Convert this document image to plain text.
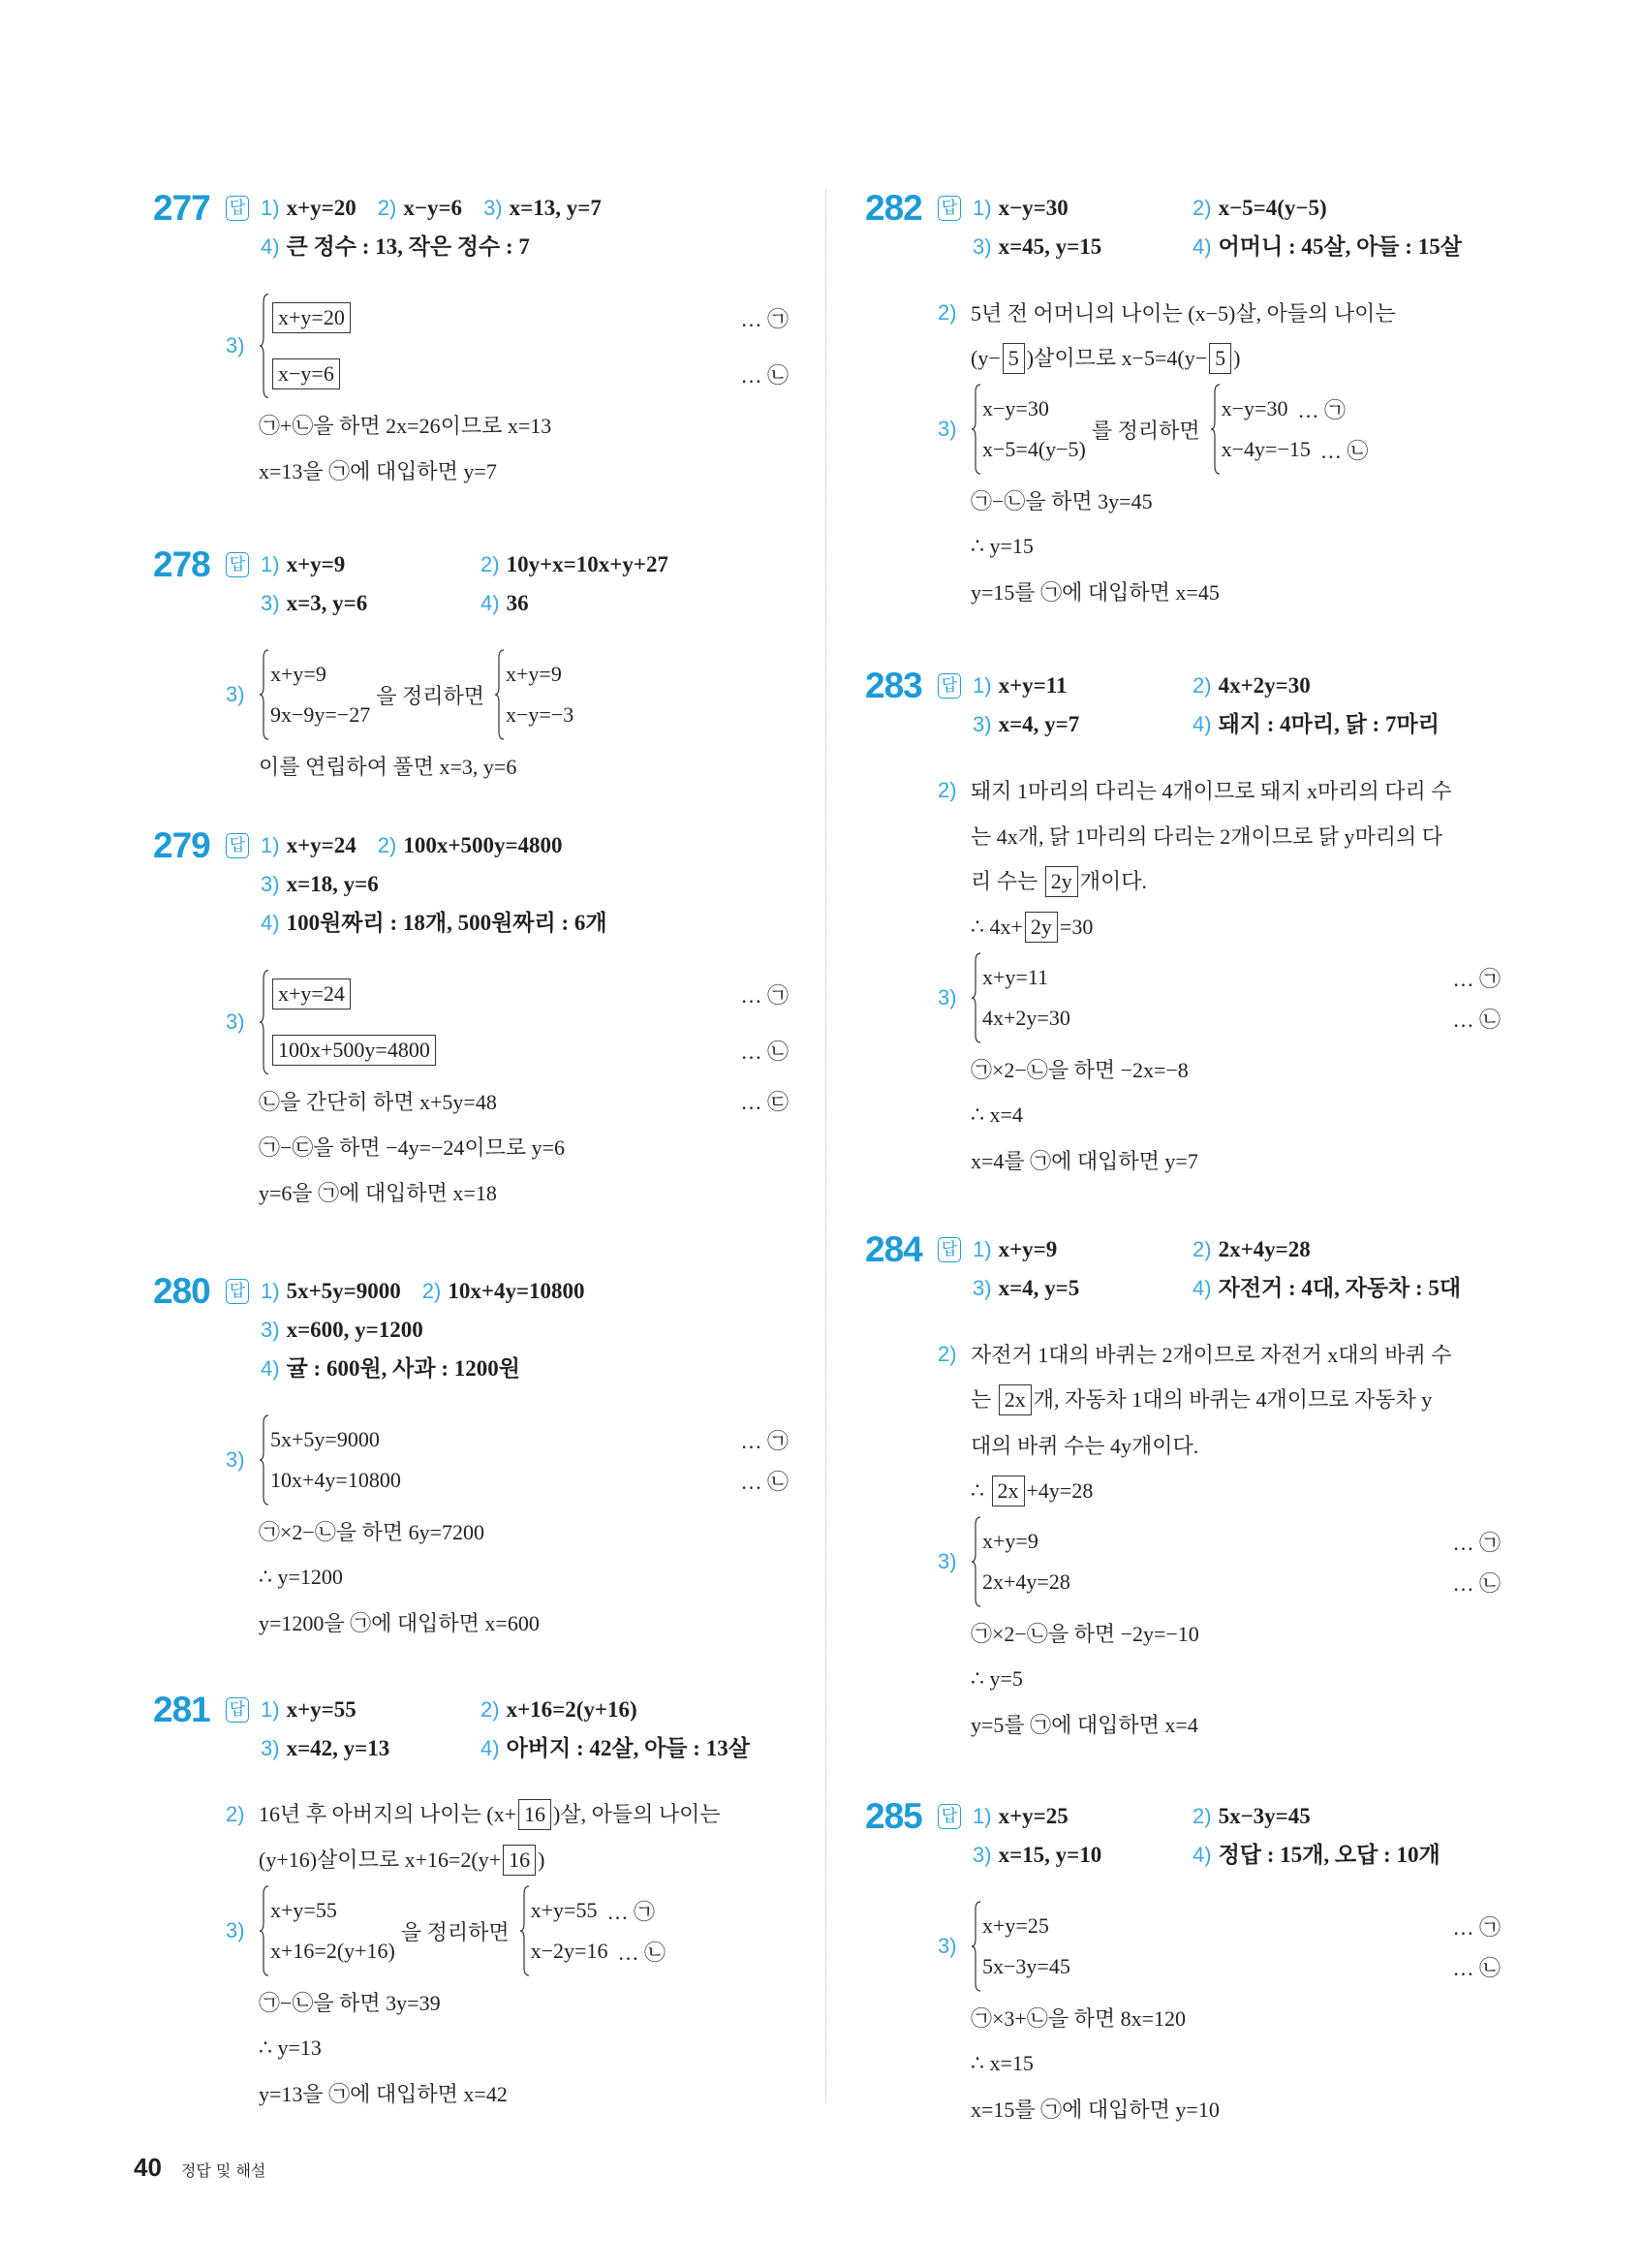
277	답 1) x+y=20 2) x−y=6 3) x=13, y=7
4) 큰 정수 : 13, 작은 정수 : 7
3)
x+y=20	… ㉠
x−y=6	… ㉡
㉠+㉡을 하면 2x=26이므로 x=13
x=13을 ㉠에 대입하면 y=7
278	답 1) x+y=9	2) 10y+x=10x+y+27
3) x=3, y=6	4) 36
3)
x+y=9
9x−9y=−27
을 정리하면
x+y=9
x−y=−3
이를 연립하여 풀면 x=3, y=6
279	답 1) x+y=24 2) 100x+500y=4800
3) x=18, y=6
4) 100원짜리 : 18개, 500원짜리 : 6개
3)
x+y=24	… ㉠
100x+500y=4800	… ㉡
㉡을 간단히 하면 x+5y=48	… ㉢
㉠−㉢을 하면 −4y=−24이므로 y=6
y=6을 ㉠에 대입하면 x=18
280	답 1) 5x+5y=9000 2) 10x+4y=10800
3) x=600, y=1200
4) 귤 : 600원, 사과 : 1200원
3)
5x+5y=9000	… ㉠
10x+4y=10800	… ㉡
㉠×2−㉡을 하면 6y=7200
∴ y=1200
y=1200을 ㉠에 대입하면 x=600
281	답 1) x+y=55	2) x+16=2(y+16)
3) x=42, y=13	4) 아버지 : 42살, 아들 : 13살
2) 16년 후 아버지의 나이는 (x+ 16 )살, 아들의 나이는
(y+16)살이므로 x+16=2(y+ 16 )
3)
x+y=55
x+16=2(y+16)
을 정리하면
x+y=55 … ㉠
x−2y=16 … ㉡
㉠−㉡을 하면 3y=39
∴ y=13
y=13을 ㉠에 대입하면 x=42
282	답 1) x−y=30	2) x−5=4(y−5)
3) x=45, y=15	4) 어머니 : 45살, 아들 : 15살
2) 5년 전 어머니의 나이는 (x−5)살, 아들의 나이는
(y− 5 )살이므로 x−5=4(y− 5 )
3)
x−y=30
x−5=4(y−5)
를 정리하면
x−y=30 … ㉠
x−4y=−15 … ㉡
㉠−㉡을 하면 3y=45
∴ y=15
y=15를 ㉠에 대입하면 x=45
283	답 1) x+y=11	2) 4x+2y=30
3) x=4, y=7	4) 돼지 : 4마리, 닭 : 7마리
2) 돼지 1마리의 다리는 4개이므로 돼지 x마리의 다리 수
는 4x개, 닭 1마리의 다리는 2개이므로 닭 y마리의 다
리 수는 2y 개이다.
∴ 4x+ 2y =30
3)
x+y=11	… ㉠
4x+2y=30	… ㉡
㉠×2−㉡을 하면 −2x=−8
∴ x=4
x=4를 ㉠에 대입하면 y=7
284	답 1) x+y=9	2) 2x+4y=28
3) x=4, y=5	4) 자전거 : 4대, 자동차 : 5대
2) 자전거 1대의 바퀴는 2개이므로 자전거 x대의 바퀴 수
는 2x 개, 자동차 1대의 바퀴는 4개이므로 자동차 y
대의 바퀴 수는 4y개이다.
∴ 2x +4y=28
3)
x+y=9	… ㉠
2x+4y=28	… ㉡
㉠×2−㉡을 하면 −2y=−10
∴ y=5
y=5를 ㉠에 대입하면 x=4
285	답 1) x+y=25	2) 5x−3y=45
3) x=15, y=10	4) 정답 : 15개, 오답 : 10개
3)
x+y=25	… ㉠
5x−3y=45	… ㉡
㉠×3+㉡을 하면 8x=120
∴ x=15
x=15를 ㉠에 대입하면 y=10
40 정답 및 해설
